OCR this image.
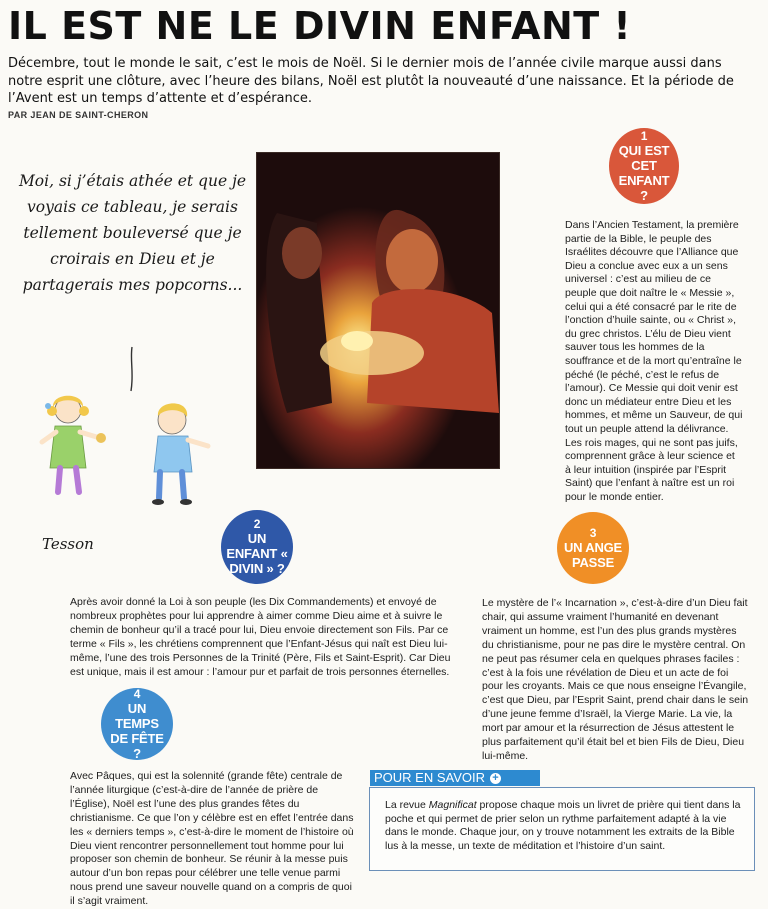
IL EST NE LE DIVIN ENFANT !

Décembre, tout le monde le sait, c’est le mois de Noël. Si le dernier mois de l’année civile marque aussi dans notre esprit une clôture, avec l’heure des bilans, Noël est plutôt la nouveauté d’une naissance. Et la période de l’Avent est un temps d’attente et d’espérance.

PAR JEAN DE SAINT-CHERON

Moi, si j’étais athée et que je voyais ce tableau, je serais tellement bouleversé que je croirais en Dieu et je partagerais mes popcorns...

Tesson
1
QUI EST CET ENFANT ?

Dans l’Ancien Testament, la première partie de la Bible, le peuple des Israélites découvre que l’Alliance que Dieu a conclue avec eux a un sens universel : c’est au milieu de ce peuple que doit naître le « Messie », celui qui a été consacré par le rite de l’onction d’huile sainte, ou « Christ », du grec christos. L’élu de Dieu vient sauver tous les hommes de la souffrance et de la mort qu’entraîne le péché (le péché, c’est le refus de l’amour). Ce Messie qui doit venir est donc un médiateur entre Dieu et les hommes, et même un Sauveur, de qui tout un peuple attend la délivrance. Les rois mages, qui ne sont pas juifs, comprennent grâce à leur science et à leur intuition (inspirée par l’Esprit Saint) que l’enfant à naître est un roi pour le monde entier.

2
UN ENFANT « DIVIN » ?

Après avoir donné la Loi à son peuple (les Dix Commandements) et envoyé de nombreux prophètes pour lui apprendre à aimer comme Dieu aime et à suivre le chemin de bonheur qu’il a tracé pour lui, Dieu envoie directement son Fils. Par ce terme « Fils », les chrétiens comprennent que l’Enfant-Jésus qui naît est Dieu lui-même, l’une des trois Personnes de la Trinité (Père, Fils et Saint-Esprit). Car Dieu est unique, mais il est amour : l’amour pur et parfait de trois personnes éternelles.

3
UN ANGE PASSE

Le mystère de l’« Incarnation », c’est-à-dire d’un Dieu fait chair, qui assume vraiment l’humanité en devenant vraiment un homme, est l’un des plus grands mystères du christianisme, pour ne pas dire le mystère central. On ne peut pas résumer cela en quelques phrases faciles : c’est à la fois une révélation de Dieu et un acte de foi pour les croyants. Mais ce que nous enseigne l’Évangile, c’est que Dieu, par l’Esprit Saint, prend chair dans le sein d’une jeune femme d’Israël, la Vierge Marie. La vie, la mort par amour et la résurrection de Jésus attestent le plus parfaitement qu’il était bel et bien Fils de Dieu, Dieu lui-même.

4
UN TEMPS DE FÊTE ?

Avec Pâques, qui est la solennité (grande fête) centrale de l’année liturgique (c’est-à-dire de l’année de prière de l’Église), Noël est l’une des plus grandes fêtes du christianisme. Ce que l’on y célèbre est en effet l’entrée dans les « derniers temps », c’est-à-dire le moment de l’histoire où Dieu vient rencontrer personnellement tout homme pour lui proposer son chemin de bonheur. Se réunir à la messe puis autour d’un bon repas pour célébrer une telle venue parmi nous prend une saveur nouvelle quand on a compris de quoi il s’agit vraiment.

POUR EN SAVOIR +

La revue Magnificat propose chaque mois un livret de prière qui tient dans la poche et qui permet de prier selon un rythme parfaitement adapté à la vie dans le monde. Chaque jour, on y trouve notamment les extraits de la Bible lus à la messe, un texte de méditation et l’histoire d’un saint.
